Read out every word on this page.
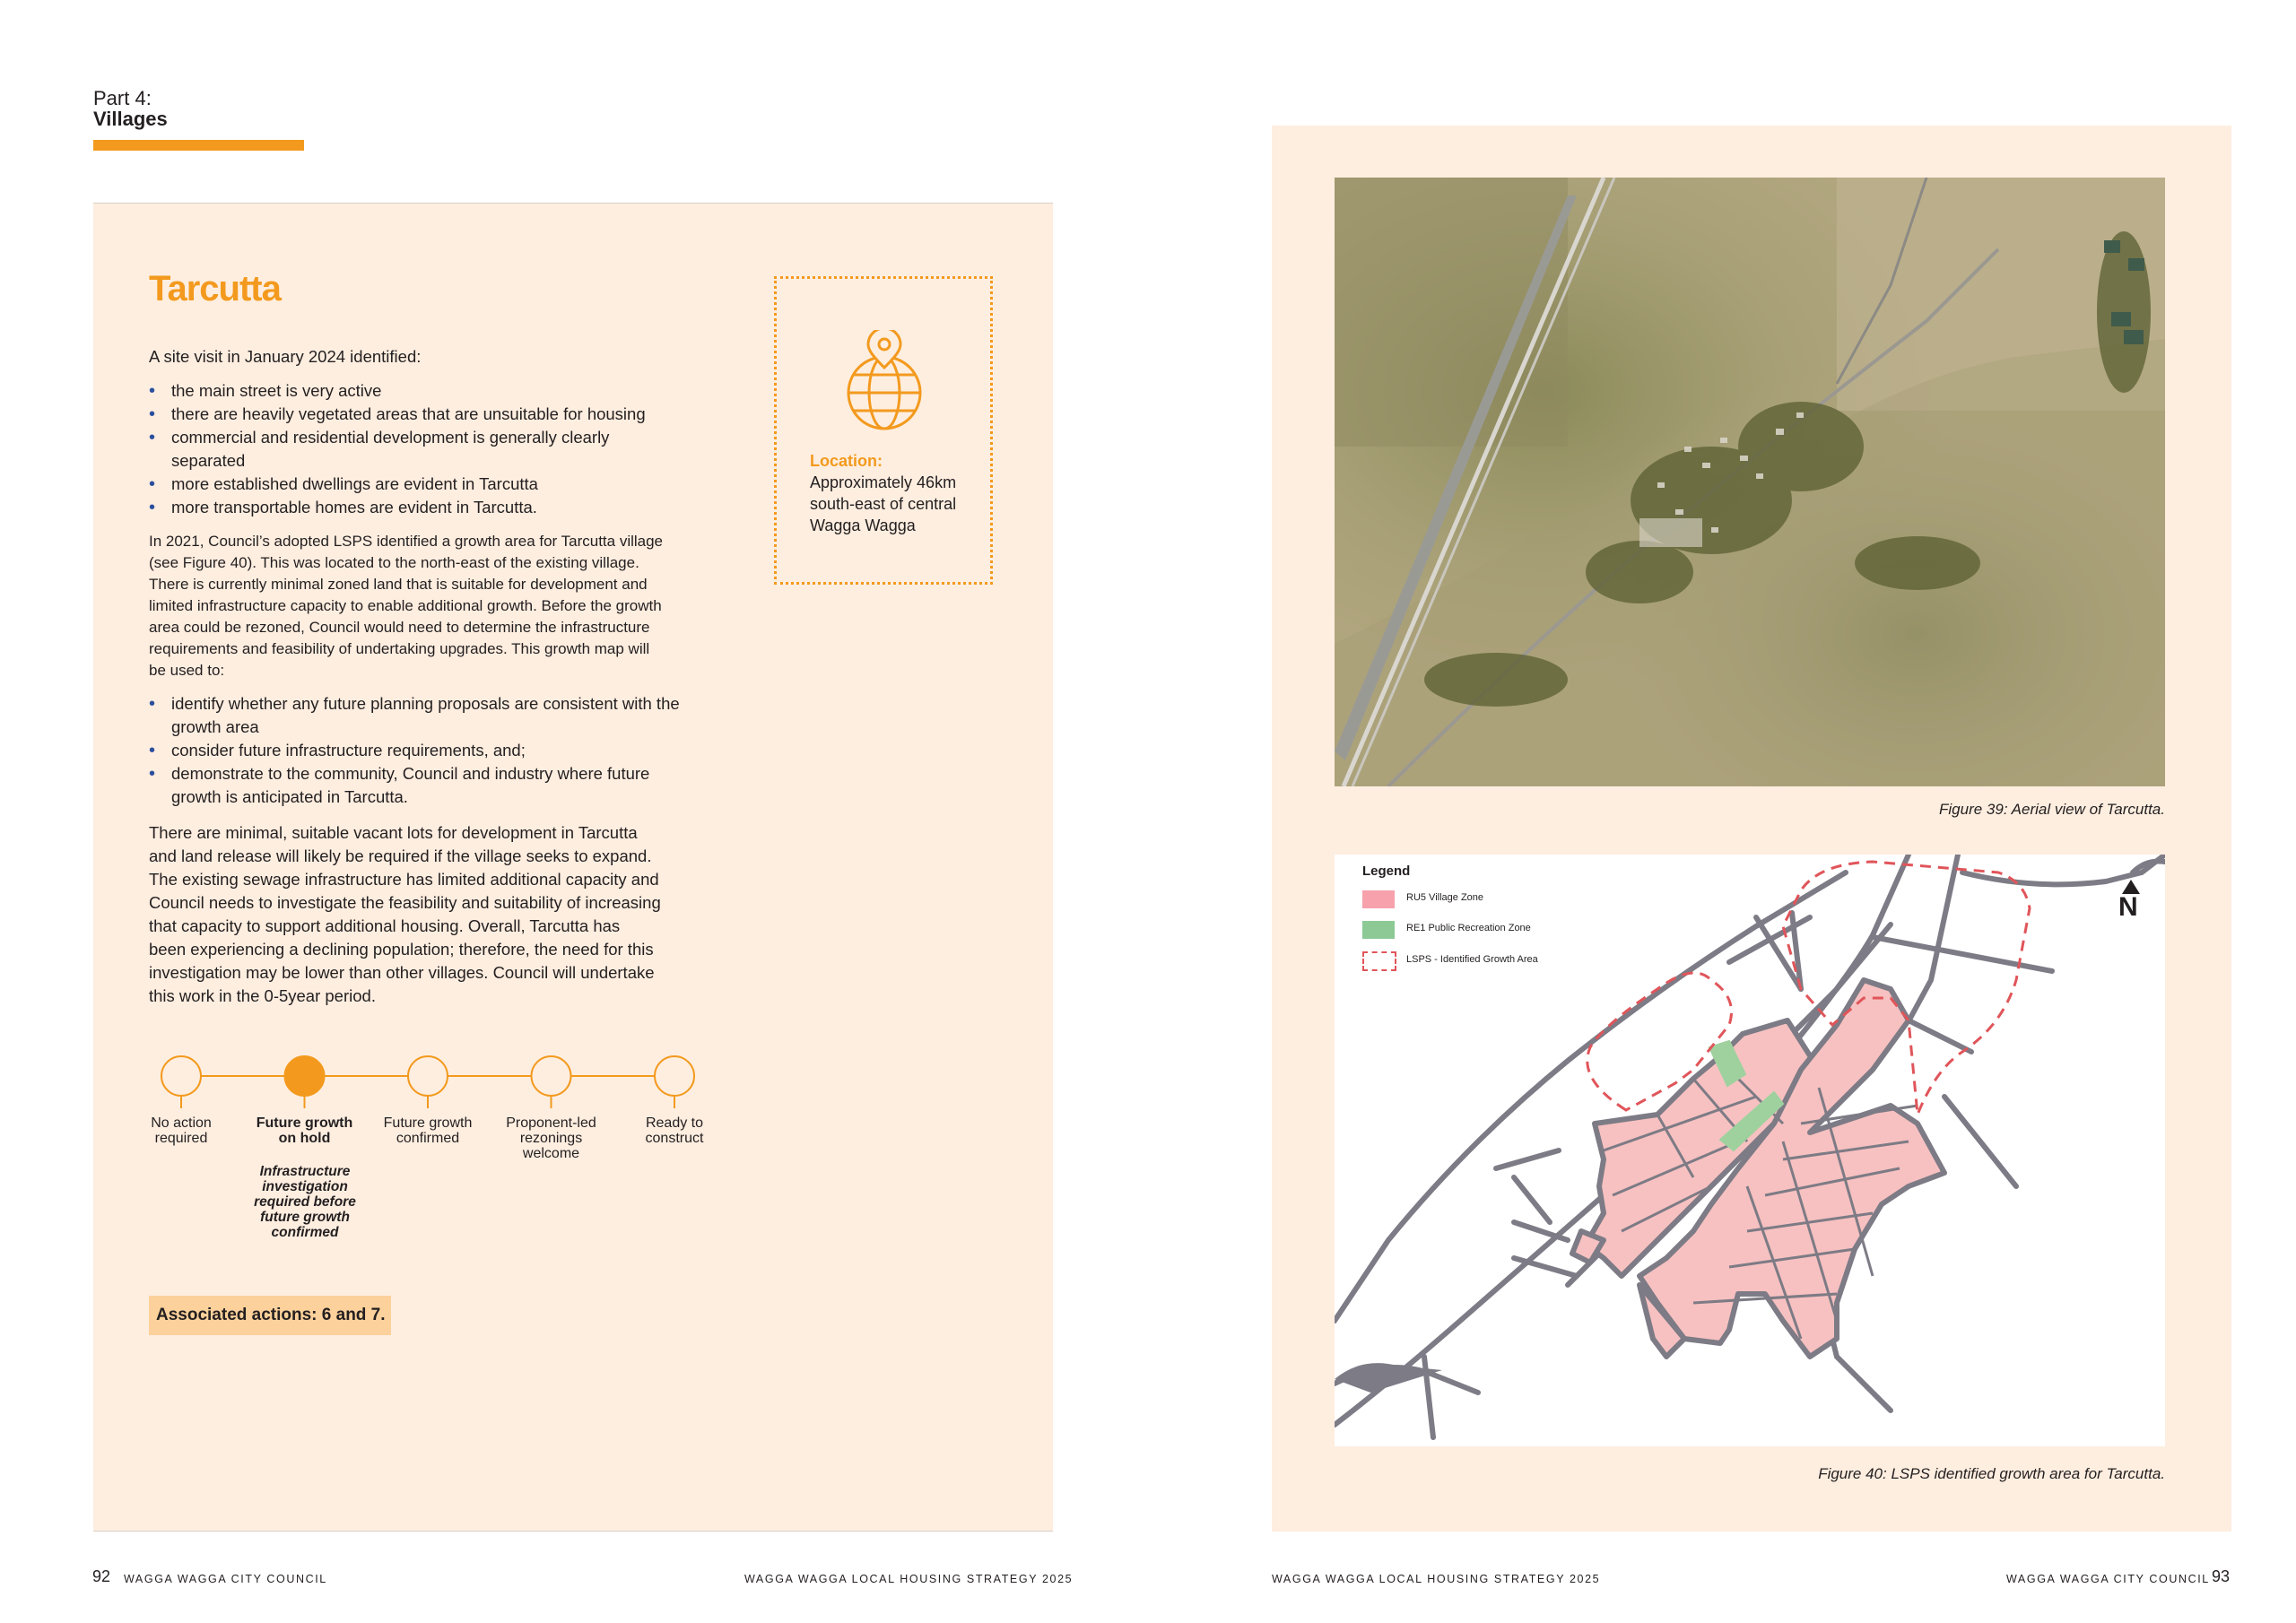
Part 4:
Villages
Tarcutta
A site visit in January 2024 identified:
• the main street is very active
• there are heavily vegetated areas that are unsuitable for housing
• commercial and residential development is generally clearly
separated
• more established dwellings are evident in Tarcutta
• more transportable homes are evident in Tarcutta.
In 2021, Council’s adopted LSPS identified a growth area for Tarcutta village
(see Figure 40). This was located to the north-east of the existing village.
There is currently minimal zoned land that is suitable for development and
limited infrastructure capacity to enable additional growth. Before the growth
area could be rezoned, Council would need to determine the infrastructure
requirements and feasibility of undertaking upgrades. This growth map will
be used to:
• identify whether any future planning proposals are consistent with the
growth area
• consider future infrastructure requirements, and;
• demonstrate to the community, Council and industry where future
growth is anticipated in Tarcutta.
There are minimal, suitable vacant lots for development in Tarcutta
and land release will likely be required if the village seeks to expand.
The existing sewage infrastructure has limited additional capacity and
Council needs to investigate the feasibility and suitability of increasing
that capacity to support additional housing. Overall, Tarcutta has
been experiencing a declining population; therefore, the need for this
investigation may be lower than other villages. Council will undertake
this work in the 0-5year period.
Location:
Approximately 46km
south-east of central
Wagga Wagga
No action
required
Future growth
on hold
Future growth
confirmed
Proponent-led
rezonings
welcome
Ready to
construct
Infrastructure
investigation
required before
future growth
confirmed
Associated actions: 6 and 7.
Figure 39: Aerial view of Tarcutta.
Legend
RU5 Village Zone
RE1 Public Recreation Zone
LSPS - Identified Growth Area
N
Figure 40: LSPS identified growth area for Tarcutta.
92 WAGGA WAGGA CITY COUNCIL	WAGGA WAGGA LOCAL HOUSING STRATEGY 2025	WAGGA WAGGA LOCAL HOUSING STRATEGY 2025	WAGGA WAGGA CITY COUNCIL 93
